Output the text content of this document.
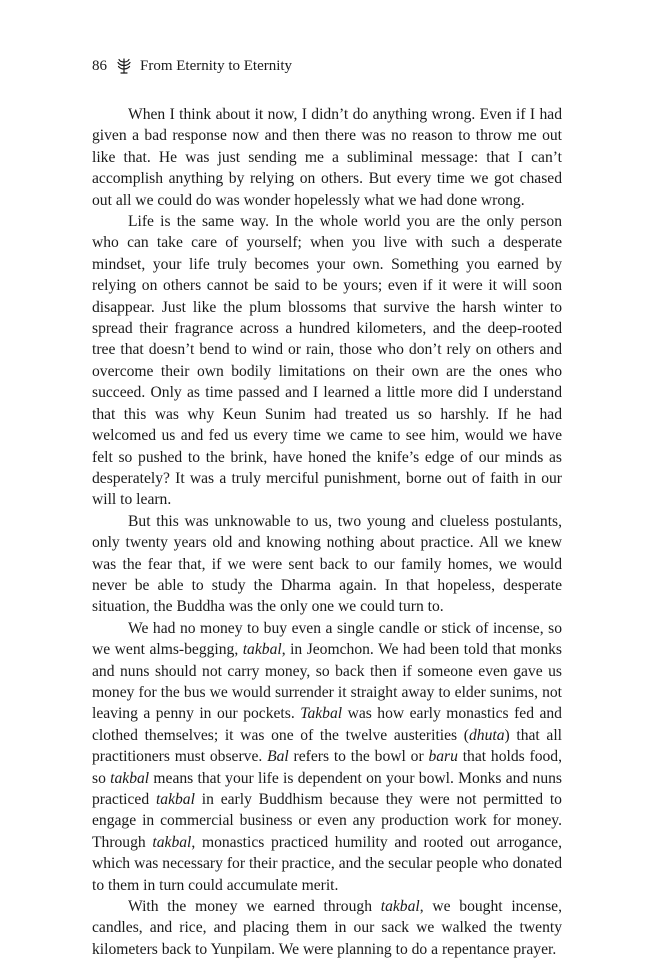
86 From Eternity to Eternity

When I think about it now, I didn’t do anything wrong. Even if I had given a bad response now and then there was no reason to throw me out like that. He was just sending me a subliminal message: that I can’t accomplish anything by relying on others. But every time we got chased out all we could do was wonder hopelessly what we had done wrong.

Life is the same way. In the whole world you are the only person who can take care of yourself; when you live with such a desperate mindset, your life truly becomes your own. Something you earned by relying on others cannot be said to be yours; even if it were it will soon disappear. Just like the plum blossoms that survive the harsh winter to spread their fragrance across a hundred kilometers, and the deep-rooted tree that doesn’t bend to wind or rain, those who don’t rely on others and overcome their own bodily limitations on their own are the ones who succeed. Only as time passed and I learned a little more did I understand that this was why Keun Sunim had treated us so harshly. If he had welcomed us and fed us every time we came to see him, would we have felt so pushed to the brink, have honed the knife’s edge of our minds as desperately? It was a truly merciful punishment, borne out of faith in our will to learn.

But this was unknowable to us, two young and clueless postulants, only twenty years old and knowing nothing about practice. All we knew was the fear that, if we were sent back to our family homes, we would never be able to study the Dharma again. In that hopeless, desperate situation, the Buddha was the only one we could turn to.

We had no money to buy even a single candle or stick of incense, so we went alms-begging, takbal, in Jeomchon. We had been told that monks and nuns should not carry money, so back then if someone even gave us money for the bus we would surrender it straight away to elder sunims, not leaving a penny in our pockets. Takbal was how early monastics fed and clothed themselves; it was one of the twelve austerities (dhuta) that all practitioners must observe. Bal refers to the bowl or baru that holds food, so takbal means that your life is dependent on your bowl. Monks and nuns practiced takbal in early Buddhism because they were not permitted to engage in commercial business or even any production work for money. Through takbal, monastics practiced humility and rooted out arrogance, which was necessary for their practice, and the secular people who donated to them in turn could accumulate merit.

With the money we earned through takbal, we bought incense, candles, and rice, and placing them in our sack we walked the twenty kilometers back to Yunpilam. We were planning to do a repentance prayer.
